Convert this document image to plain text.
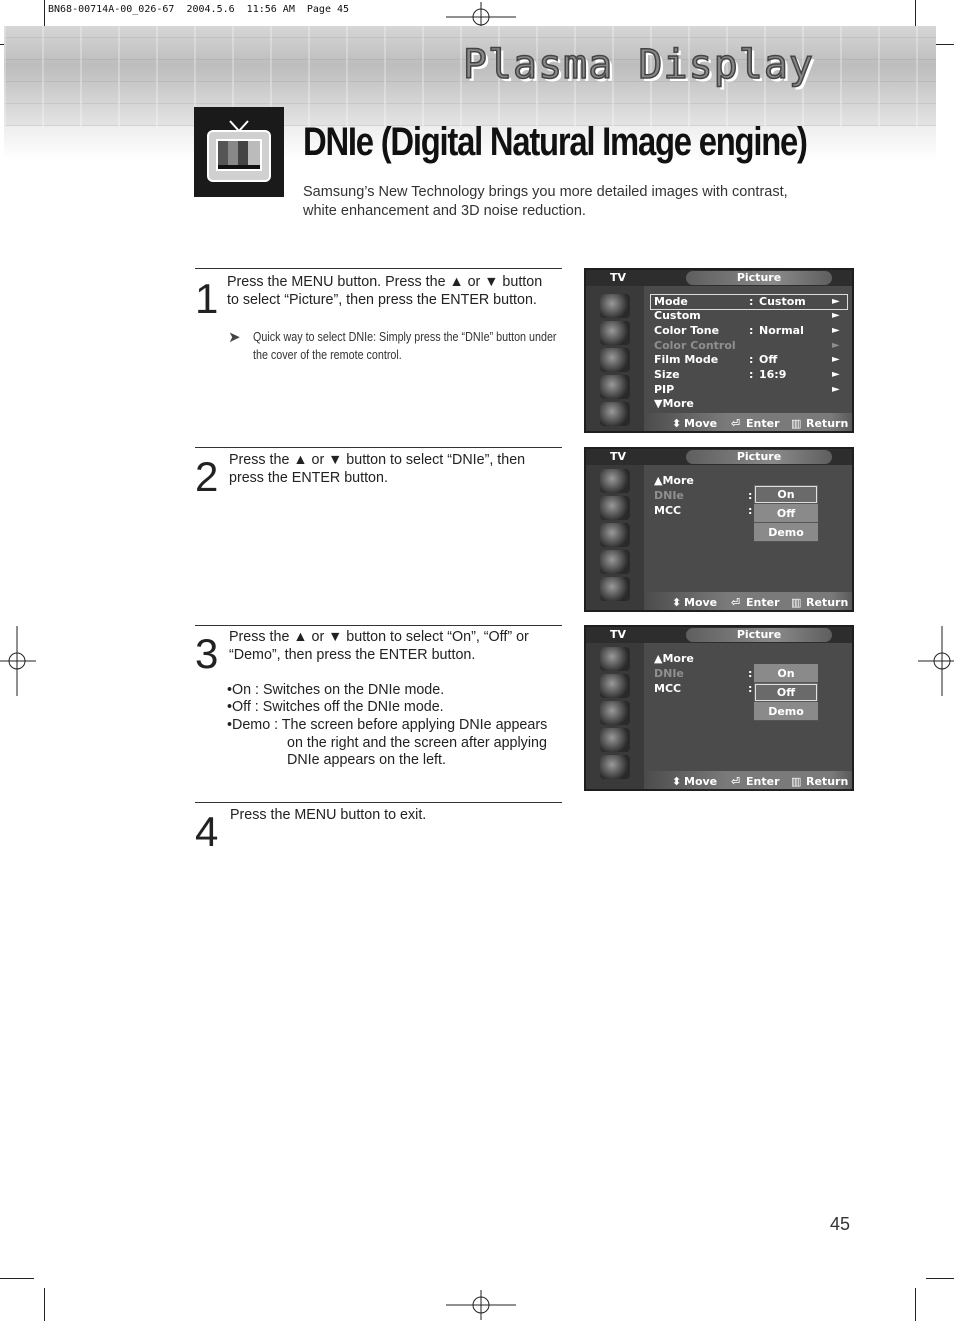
BN68-00714A-00_026-67  2004.5.6  11:56 AM  Page 45
Plasma Display
DNIe (Digital Natural Image engine)
Samsung’s New Technology brings you more detailed images with contrast, white enhancement and 3D noise reduction.
1 Press the MENU button. Press the ▲ or ▼ button to select “Picture”, then press the ENTER button.
➤ Quick way to select DNIe: Simply press the “DNIe” button under the cover of the remote control.
2 Press the ▲ or ▼ button to select “DNIe”, then press the ENTER button.
3 Press the ▲ or ▼ button to select “On”, “Off” or “Demo”, then press the ENTER button.
•On : Switches on the DNIe mode.
•Off : Switches off the DNIe mode.
•Demo : The screen before applying DNIe appears
on the right and the screen after applying
DNIe appears on the left.
4 Press the MENU button to exit.
TV	Picture
Mode	: Custom	►
Custom	►
Color Tone	: Normal	►
Color Control	►
Film Mode	: Off	►
Size	: 16:9	►
PIP	►
▼More
⬍ Move ⏎ Enter ▥ Return
TV	Picture
▲More
DNIe	:
MCC	:
On
Off
Demo
⬍ Move ⏎ Enter ▥ Return
TV	Picture
▲More
DNIe	:
MCC	:
On
Off
Demo
⬍ Move ⏎ Enter ▥ Return
45
